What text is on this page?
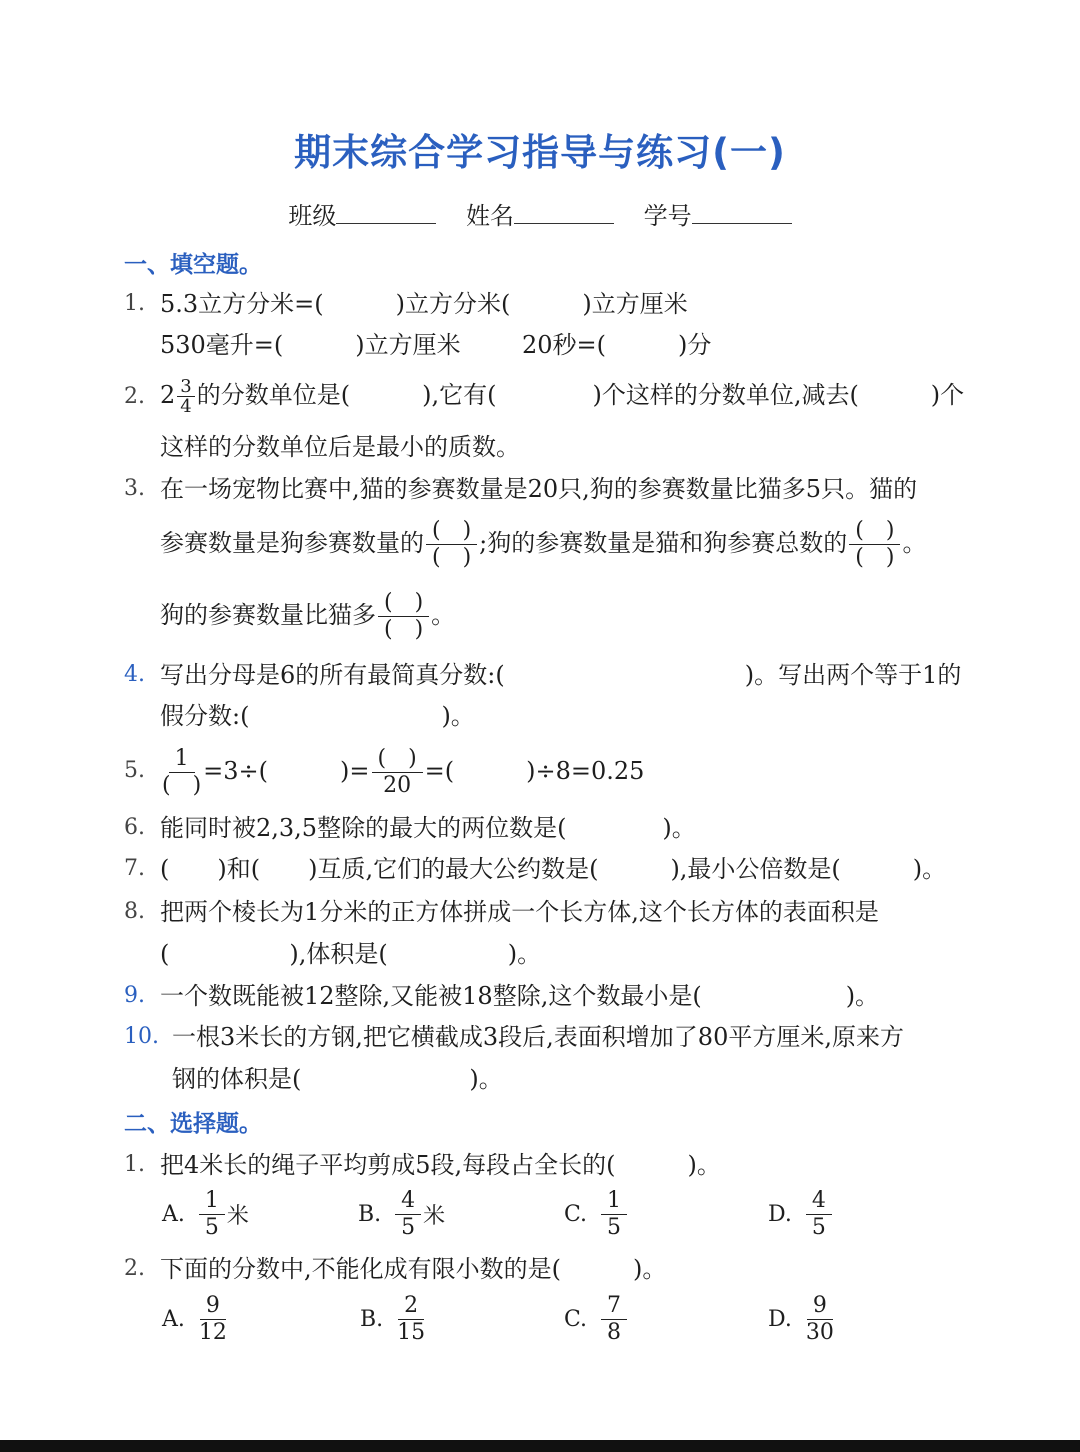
期末综合学习指导与练习(一)
班级	姓名	学号
一、填空题。
1. 5.3立方分米=(　　　)立方分米(　　　)立方厘米
530毫升=(　　　)立方厘米	20秒=(　　　)分
2. $2 \frac{3}{4}$ 的分数单位是(　　　),它有(　　　　)个这样的分数单位,减去(　　　)个
这样的分数单位后是最小的质数。
3. 在一场宠物比赛中,猫的参赛数量是20只,狗的参赛数量比猫多5只。猫的
参赛数量是狗参赛数量的 $\frac{( )}{( )}$ ;狗的参赛数量是猫和狗参赛总数的 $\frac{( )}{( )}$ 。
狗的参赛数量比猫多 $\frac{( )}{( )}$ 。
4. 写出分母是6的所有最简真分数:(　　　　　　　　　　)。写出两个等于1的
假分数:(　　　　　　　　)。
5. $\frac{1}{( )} =3\div$(　　　)= $\frac{( )}{20}$ =(　　　)÷8=0.25
6. 能同时被2,3,5整除的最大的两位数是(　　　　)。
7. (　　)和(　　)互质,它们的最大公约数是(　　　),最小公倍数是(　　　)。
8. 把两个棱长为1分米的正方体拼成一个长方体,这个长方体的表面积是
(　　　　　),体积是(　　　　　)。
9. 一个数既能被12整除,又能被18整除,这个数最小是(　　　　　　)。
10. 一根3米长的方钢,把它横截成3段后,表面积增加了80平方厘米,原来方
钢的体积是(　　　　　　　)。
二、选择题。
1. 把4米长的绳子平均剪成5段,每段占全长的(　　　)。
A. $\frac{1}{5}$ 米	B. $\frac{4}{5}$ 米	C. $\frac{1}{5}$	D. $\frac{4}{5}$
2. 下面的分数中,不能化成有限小数的是(　　　)。
A. $\frac{9}{12}$	B. $\frac{2}{15}$	C. $\frac{7}{8}$	D. $\frac{9}{30}$
